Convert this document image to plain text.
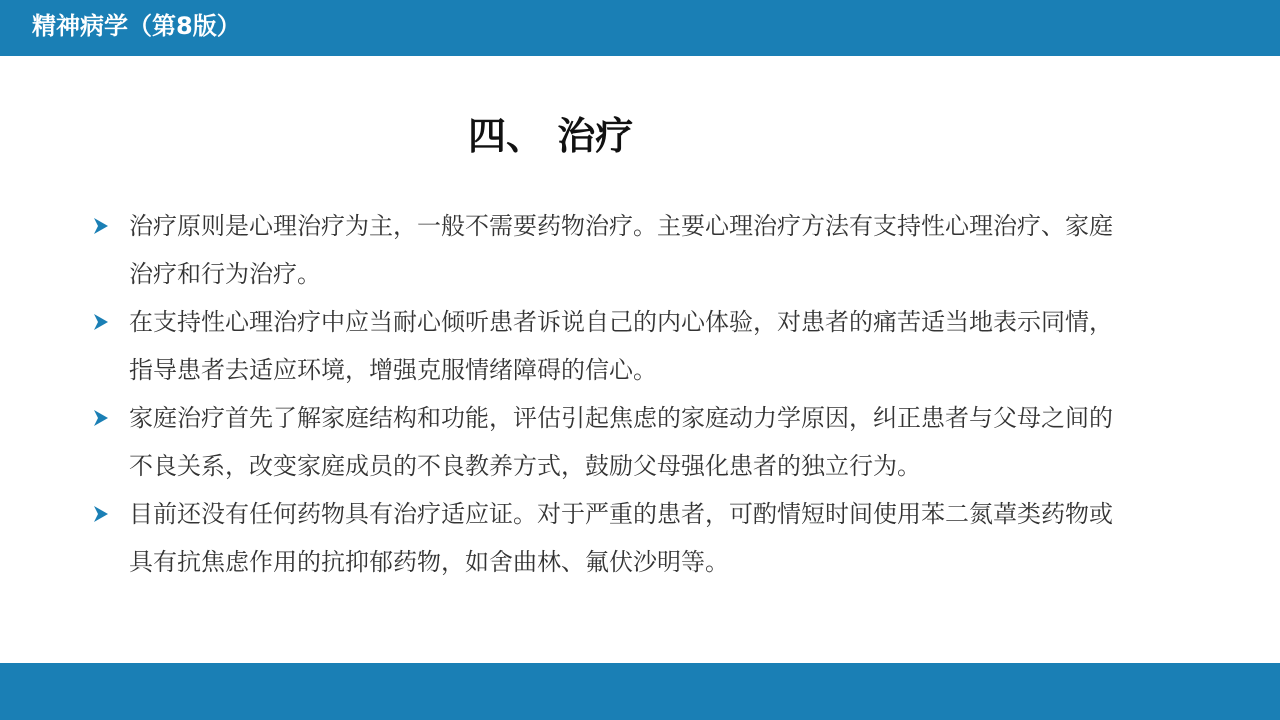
精神病学（第8版）
四、 治疗
治疗原则是心理治疗为主，一般不需要药物治疗。主要心理治疗方法有支持性心理治疗、家庭治疗和行为治疗。
在支持性心理治疗中应当耐心倾听患者诉说自己的内心体验，对患者的痛苦适当地表示同情，指导患者去适应环境，增强克服情绪障碍的信心。
家庭治疗首先了解家庭结构和功能，评估引起焦虑的家庭动力学原因，纠正患者与父母之间的不良关系，改变家庭成员的不良教养方式，鼓励父母强化患者的独立行为。
目前还没有任何药物具有治疗适应证。对于严重的患者，可酌情短时间使用苯二氮䓬类药物或具有抗焦虑作用的抗抑郁药物，如舍曲林、氟伏沙明等。
